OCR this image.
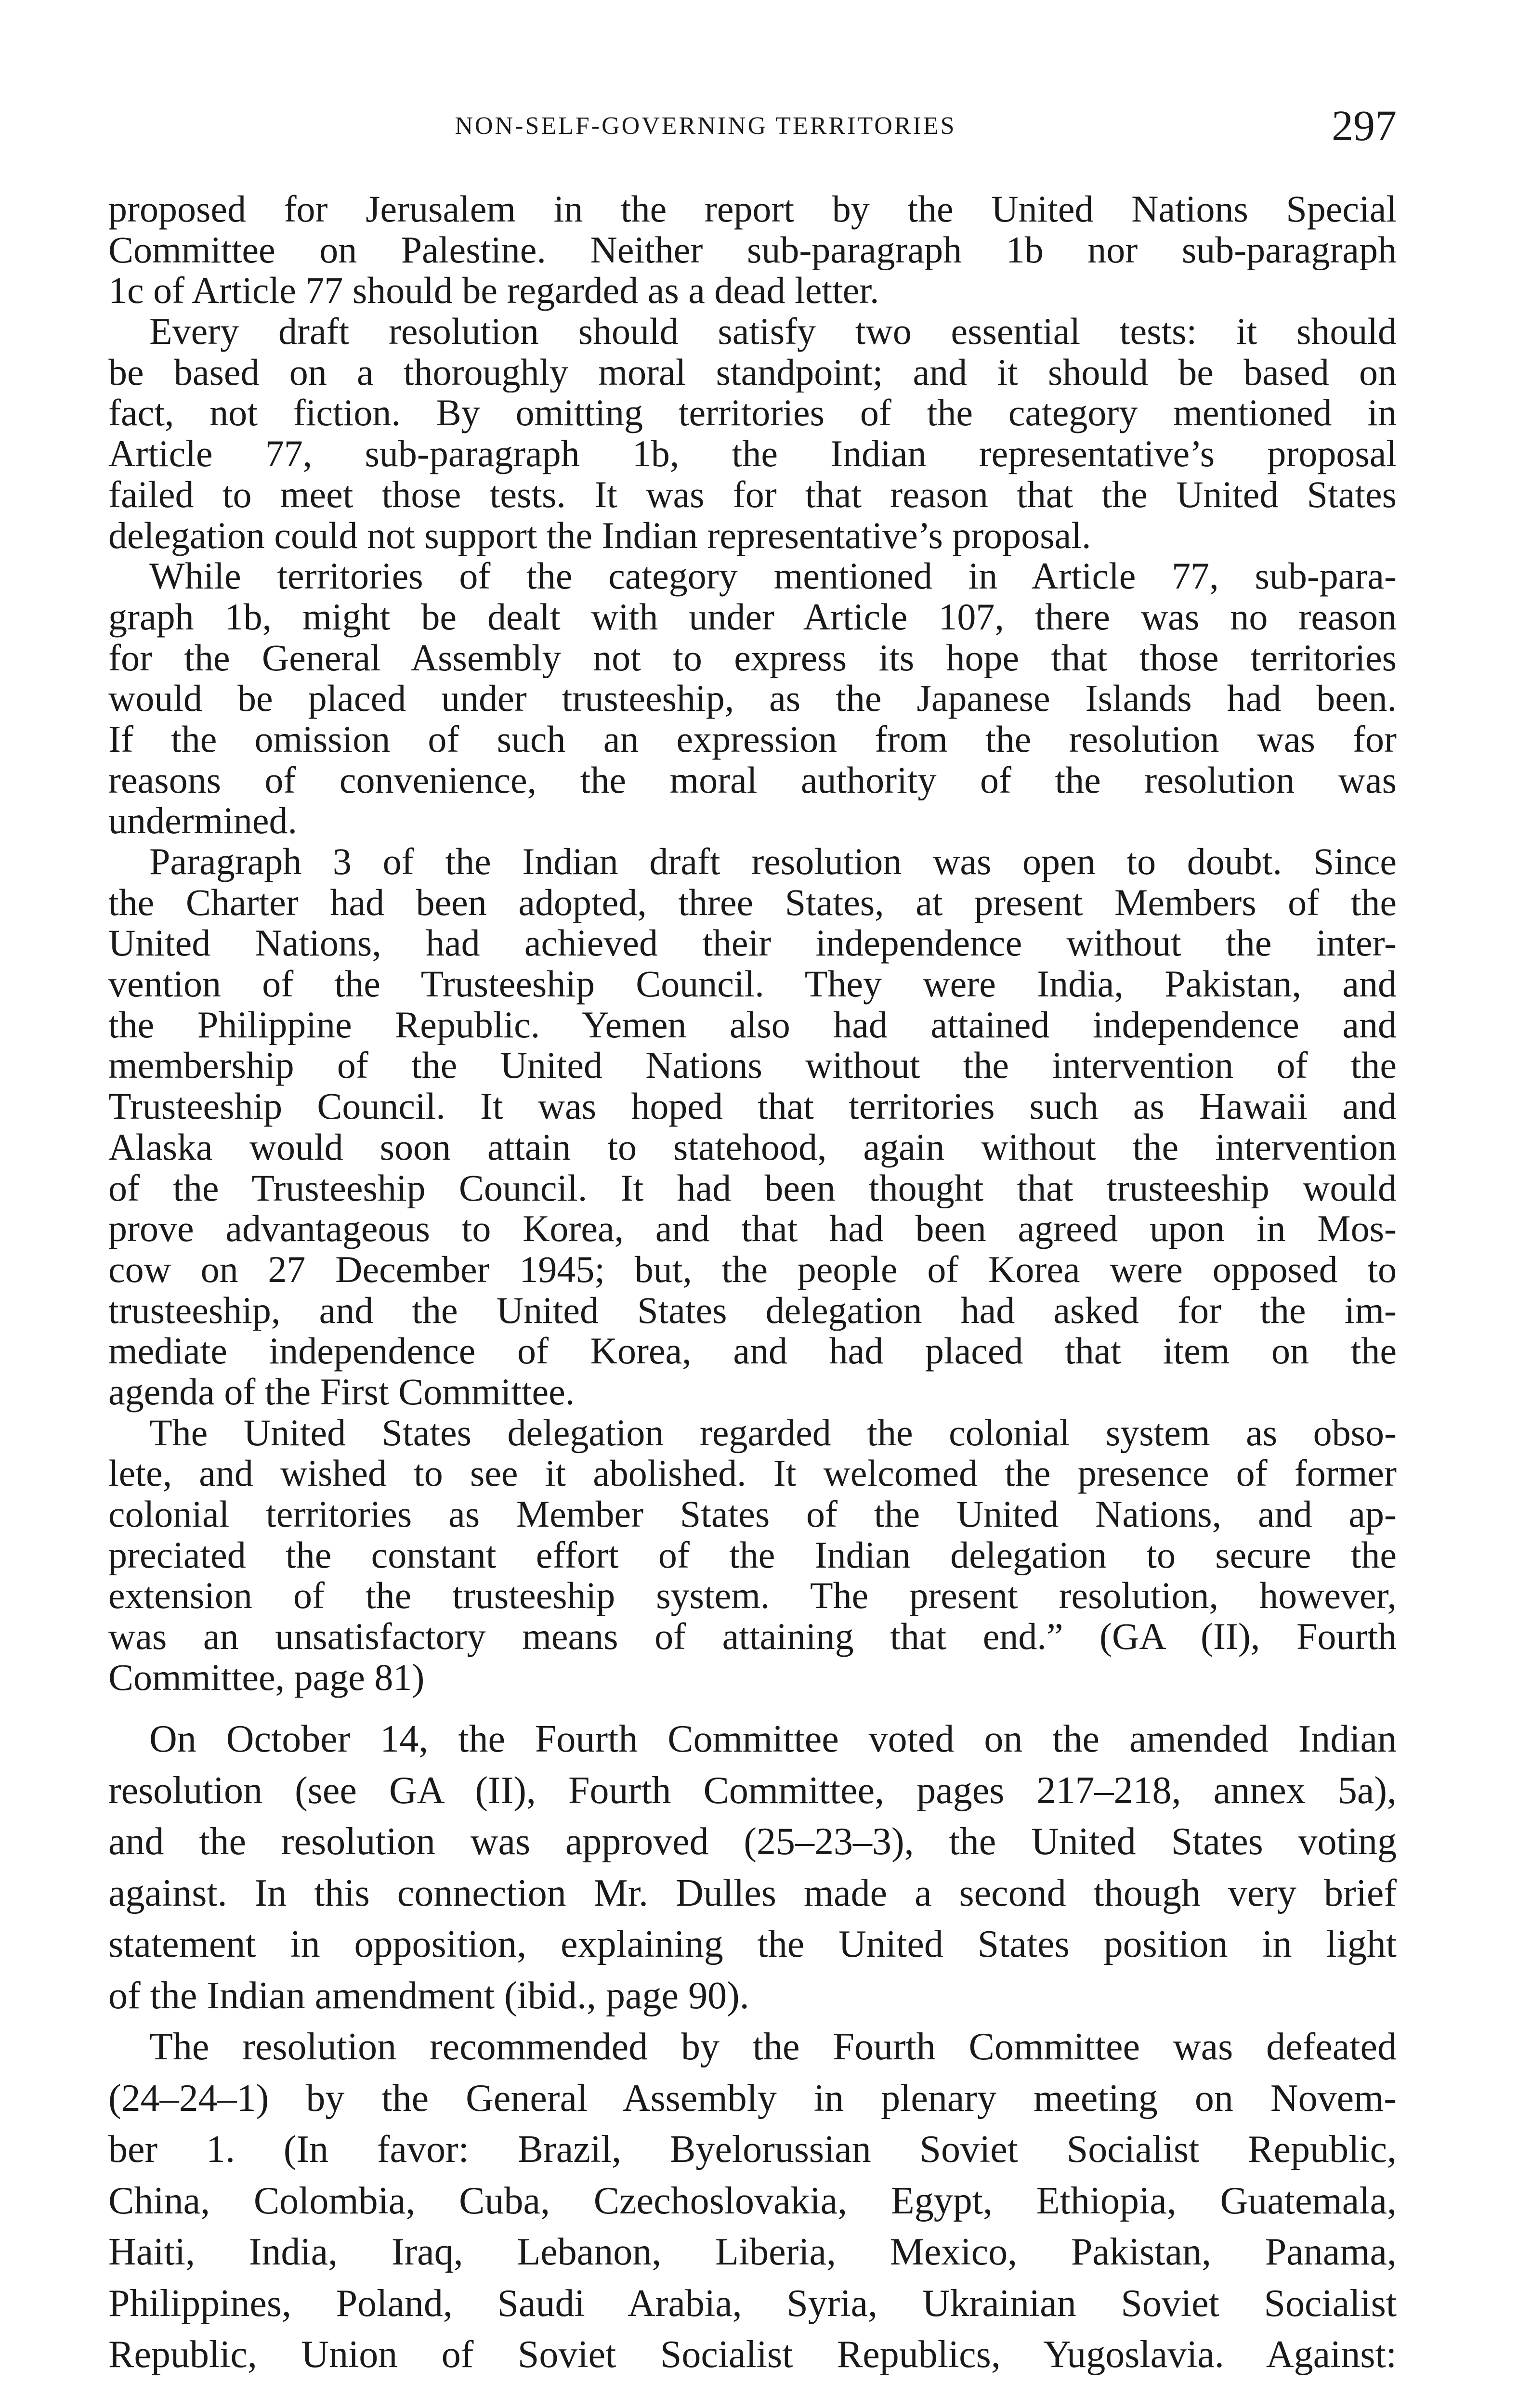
NON-SELF-GOVERNING TERRITORIES	297
proposed for Jerusalem in the report by the United Nations Special
Committee on Palestine. Neither sub-paragraph 1b nor sub-paragraph
1c of Article 77 should be regarded as a dead letter.
Every draft resolution should satisfy two essential tests: it should
be based on a thoroughly moral standpoint; and it should be based on
fact, not fiction. By omitting territories of the category mentioned in
Article 77, sub-paragraph 1b, the Indian representative’s proposal
failed to meet those tests. It was for that reason that the United States
delegation could not support the Indian representative’s proposal.
While territories of the category mentioned in Article 77, sub-para-
graph 1b, might be dealt with under Article 107, there was no reason
for the General Assembly not to express its hope that those territories
would be placed under trusteeship, as the Japanese Islands had been.
If the omission of such an expression from the resolution was for
reasons of convenience, the moral authority of the resolution was
undermined.
Paragraph 3 of the Indian draft resolution was open to doubt. Since
the Charter had been adopted, three States, at present Members of the
United Nations, had achieved their independence without the inter-
vention of the Trusteeship Council. They were India, Pakistan, and
the Philippine Republic. Yemen also had attained independence and
membership of the United Nations without the intervention of the
Trusteeship Council. It was hoped that territories such as Hawaii and
Alaska would soon attain to statehood, again without the intervention
of the Trusteeship Council. It had been thought that trusteeship would
prove advantageous to Korea, and that had been agreed upon in Mos-
cow on 27 December 1945; but, the people of Korea were opposed to
trusteeship, and the United States delegation had asked for the im-
mediate independence of Korea, and had placed that item on the
agenda of the First Committee.
The United States delegation regarded the colonial system as obso-
lete, and wished to see it abolished. It welcomed the presence of former
colonial territories as Member States of the United Nations, and ap-
preciated the constant effort of the Indian delegation to secure the
extension of the trusteeship system. The present resolution, however,
was an unsatisfactory means of attaining that end.” (GA (II), Fourth
Committee, page 81)
On October 14, the Fourth Committee voted on the amended Indian
resolution (see GA (II), Fourth Committee, pages 217–218, annex 5a),
and the resolution was approved (25–23–3), the United States voting
against. In this connection Mr. Dulles made a second though very brief
statement in opposition, explaining the United States position in light
of the Indian amendment (ibid., page 90).
The resolution recommended by the Fourth Committee was defeated
(24–24–1) by the General Assembly in plenary meeting on Novem-
ber 1. (In favor: Brazil, Byelorussian Soviet Socialist Republic,
China, Colombia, Cuba, Czechoslovakia, Egypt, Ethiopia, Guatemala,
Haiti, India, Iraq, Lebanon, Liberia, Mexico, Pakistan, Panama,
Philippines, Poland, Saudi Arabia, Syria, Ukrainian Soviet Socialist
Republic, Union of Soviet Socialist Republics, Yugoslavia. Against:
